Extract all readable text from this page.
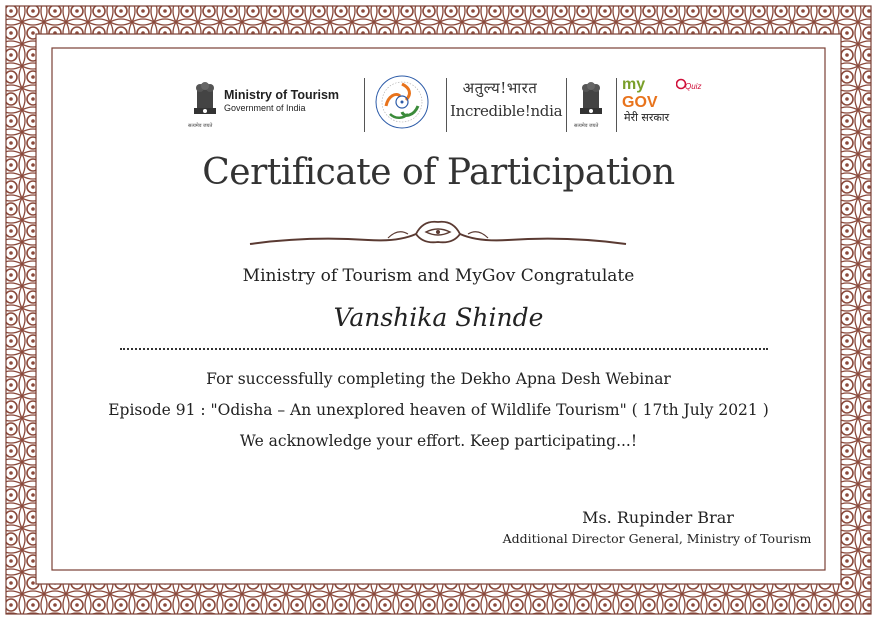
सत्यमेव जयते
Ministry of Tourism
Government of India
अतुल्य!भारत
Incredible!ndia
सत्यमेव जयते
my
GOV
Quiz
मेरी सरकार
Certificate of Participation
Ministry of Tourism and MyGov Congratulate
Vanshika Shinde
For successfully completing the Dekho Apna Desh Webinar
Episode 91 : "Odisha – An unexplored heaven of Wildlife Tourism" ( 17th July 2021 )
We acknowledge your effort. Keep participating...!
Ms. Rupinder Brar
Additional Director General, Ministry of Tourism
